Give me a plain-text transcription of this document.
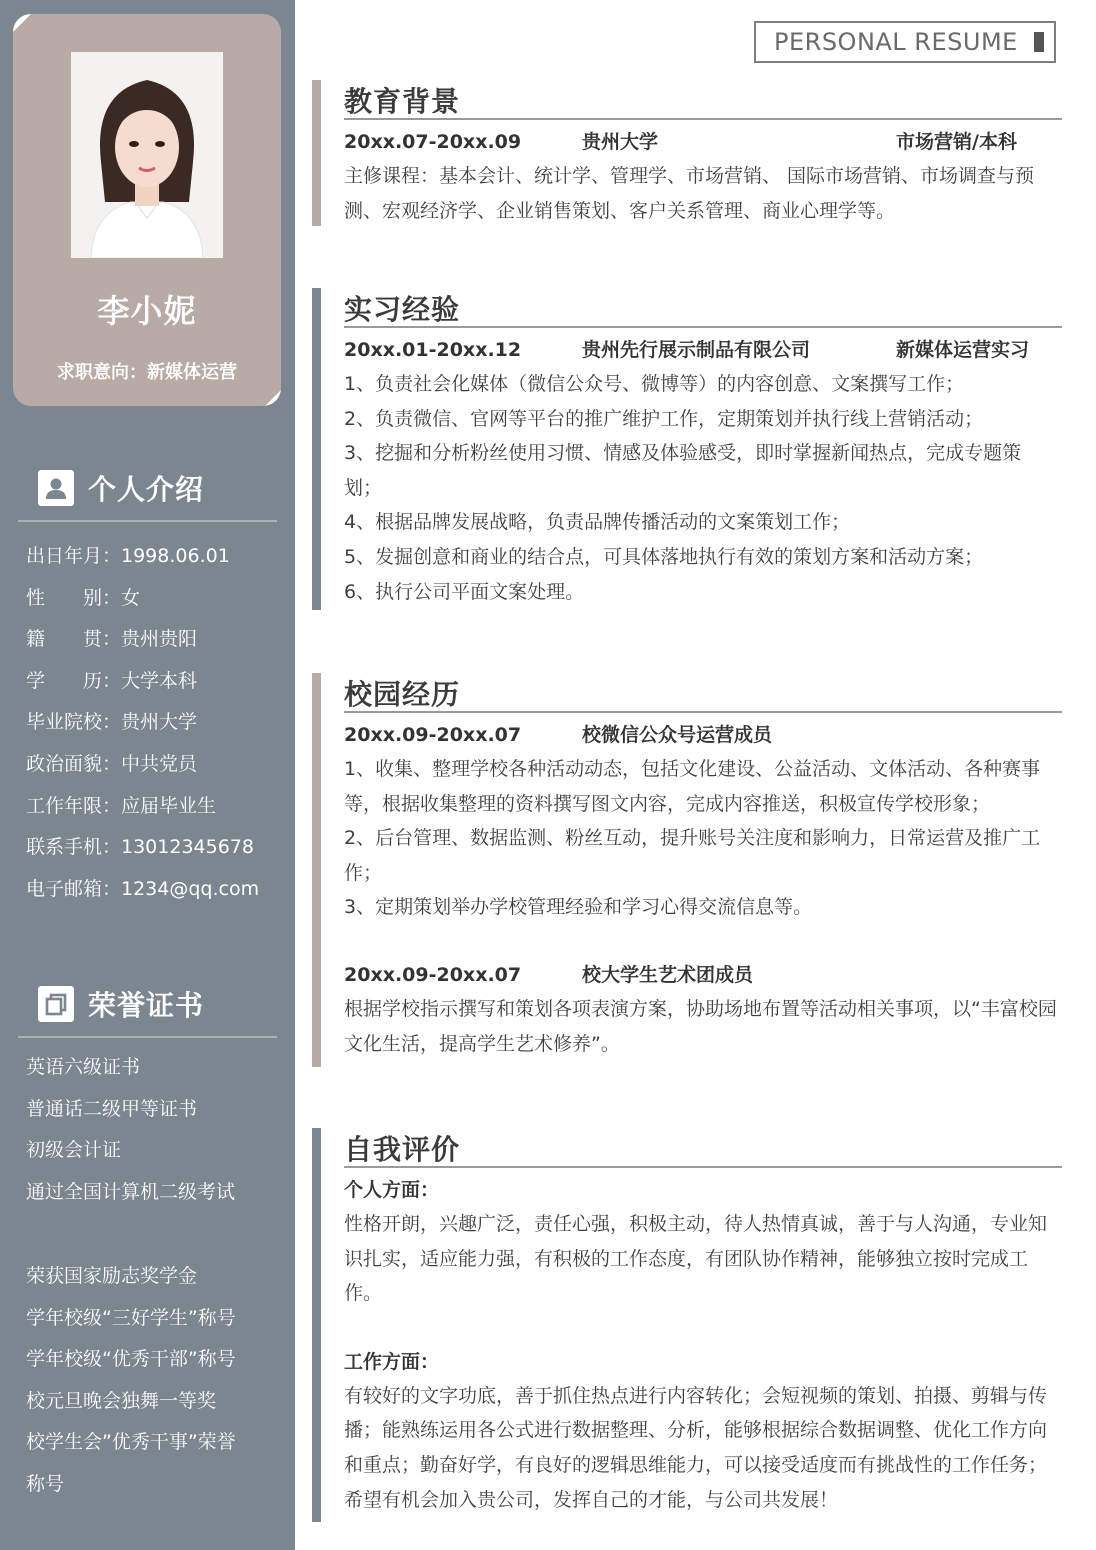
李小妮
求职意向：新媒体运营
个人介绍
出日年月：1998.06.01
性　　别：女
籍　　贯：贵州贵阳
学　　历：大学本科
毕业院校：贵州大学
政治面貌：中共党员
工作年限：应届毕业生
联系手机：13012345678
电子邮箱：1234@qq.com
荣誉证书
英语六级证书
普通话二级甲等证书
初级会计证
通过全国计算机二级考试
荣获国家励志奖学金
学年校级“三好学生”称号
学年校级“优秀干部”称号
校元旦晚会独舞一等奖
校学生会”优秀干事”荣誉
称号
PERSONAL RESUME
教育背景
20xx.07-20xx.09	贵州大学	市场营销/本科

主修课程：基本会计、统计学、管理学、市场营销、 国际市场营销、市场调查与预测、宏观经济学、企业销售策划、客户关系管理、商业心理学等。

实习经验
20xx.01-20xx.12	贵州先行展示制品有限公司	新媒体运营实习

1、负责社会化媒体（微信公众号、微博等）的内容创意、文案撰写工作；

2、负责微信、官网等平台的推广维护工作，定期策划并执行线上营销活动；

3、挖掘和分析粉丝使用习惯、情感及体验感受，即时掌握新闻热点，完成专题策划；

4、根据品牌发展战略，负责品牌传播活动的文案策划工作；

5、发掘创意和商业的结合点，可具体落地执行有效的策划方案和活动方案；

6、执行公司平面文案处理。

校园经历
20xx.09-20xx.07	校微信公众号运营成员

1、收集、整理学校各种活动动态，包括文化建设、公益活动、文体活动、各种赛事等，根据收集整理的资料撰写图文内容，完成内容推送，积极宣传学校形象；

2、后台管理、数据监测、粉丝互动，提升账号关注度和影响力，日常运营及推广工作；

3、定期策划举办学校管理经验和学习心得交流信息等。

20xx.09-20xx.07	校大学生艺术团成员

根据学校指示撰写和策划各项表演方案，协助场地布置等活动相关事项，以“丰富校园文化生活，提高学生艺术修养”。

自我评价
个人方面：

性格开朗，兴趣广泛，责任心强，积极主动，待人热情真诚，善于与人沟通，专业知识扎实，适应能力强，有积极的工作态度，有团队协作精神，能够独立按时完成工作。

工作方面：

有较好的文字功底，善于抓住热点进行内容转化；会短视频的策划、拍摄、剪辑与传播；能熟练运用各公式进行数据整理、分析，能够根据综合数据调整、优化工作方向和重点；勤奋好学，有良好的逻辑思维能力，可以接受适度而有挑战性的工作任务；希望有机会加入贵公司，发挥自己的才能，与公司共发展！
